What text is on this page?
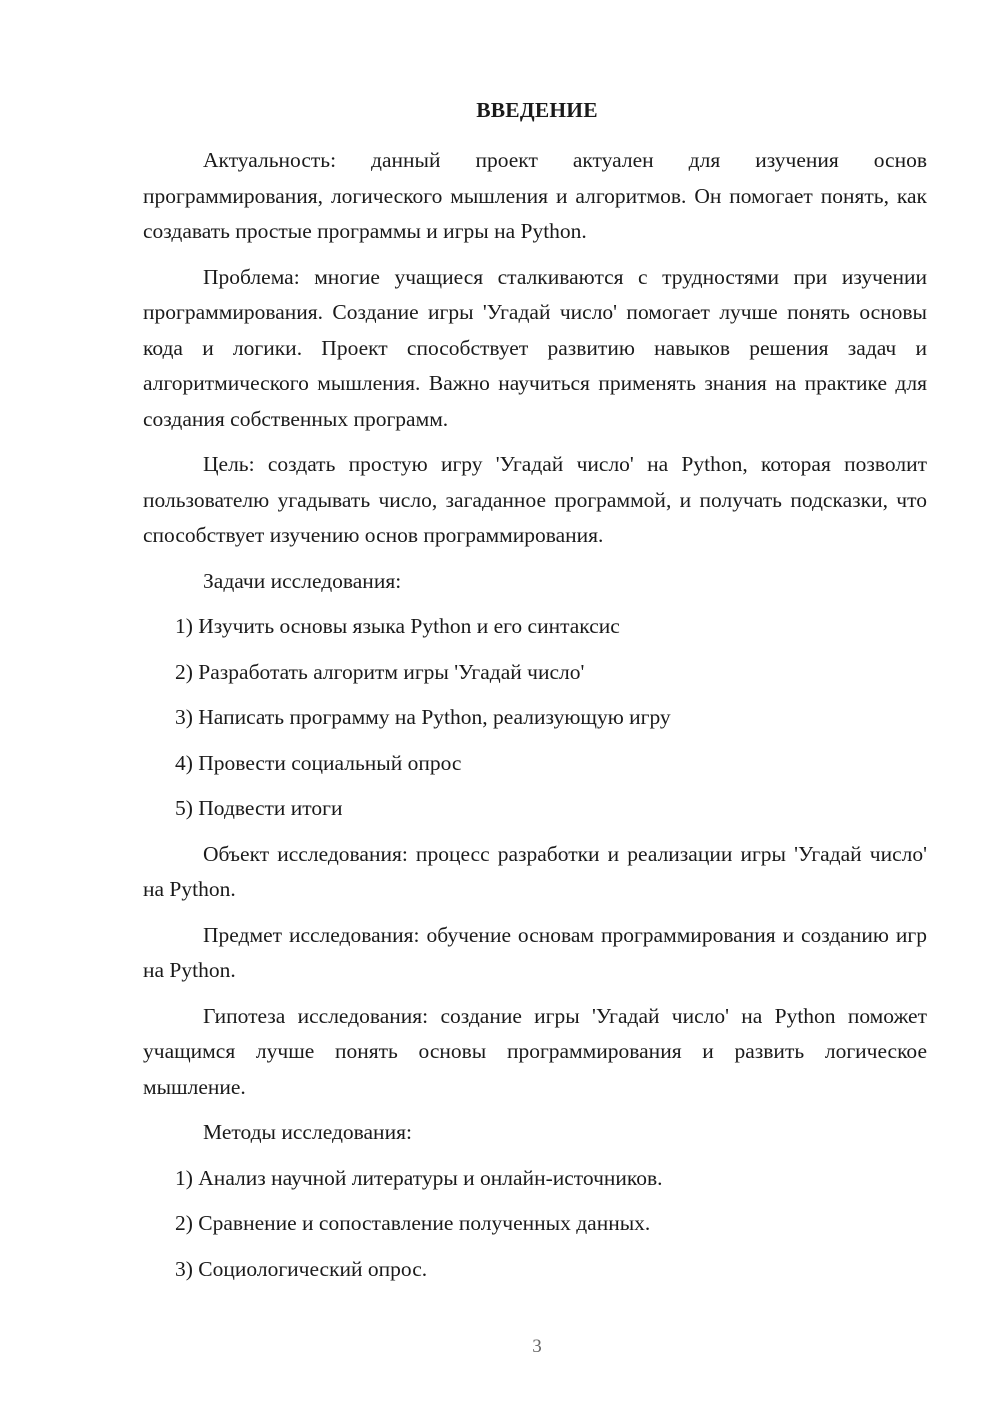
ВВЕДЕНИЕ

Актуальность: данный проект актуален для изучения основ программирования, логического мышления и алгоритмов. Он помогает понять, как создавать простые программы и игры на Python.

Проблема: многие учащиеся сталкиваются с трудностями при изучении программирования. Создание игры 'Угадай число' помогает лучше понять основы кода и логики. Проект способствует развитию навыков решения задач и алгоритмического мышления. Важно научиться применять знания на практике для создания собственных программ.

Цель: создать простую игру 'Угадай число' на Python, которая позволит пользователю угадывать число, загаданное программой, и получать подсказки, что способствует изучению основ программирования.

Задачи исследования:

1) Изучить основы языка Python и его синтаксис
2) Разработать алгоритм игры 'Угадай число'
3) Написать программу на Python, реализующую игру
4) Провести социальный опрос
5) Подвести итоги

Объект исследования: процесс разработки и реализации игры 'Угадай число' на Python.

Предмет исследования: обучение основам программирования и созданию игр на Python.

Гипотеза исследования: создание игры 'Угадай число' на Python поможет учащимся лучше понять основы программирования и развить логическое мышление.

Методы исследования:

1) Анализ научной литературы и онлайн-источников.
2) Сравнение и сопоставление полученных данных.
3) Социологический опрос.
3
